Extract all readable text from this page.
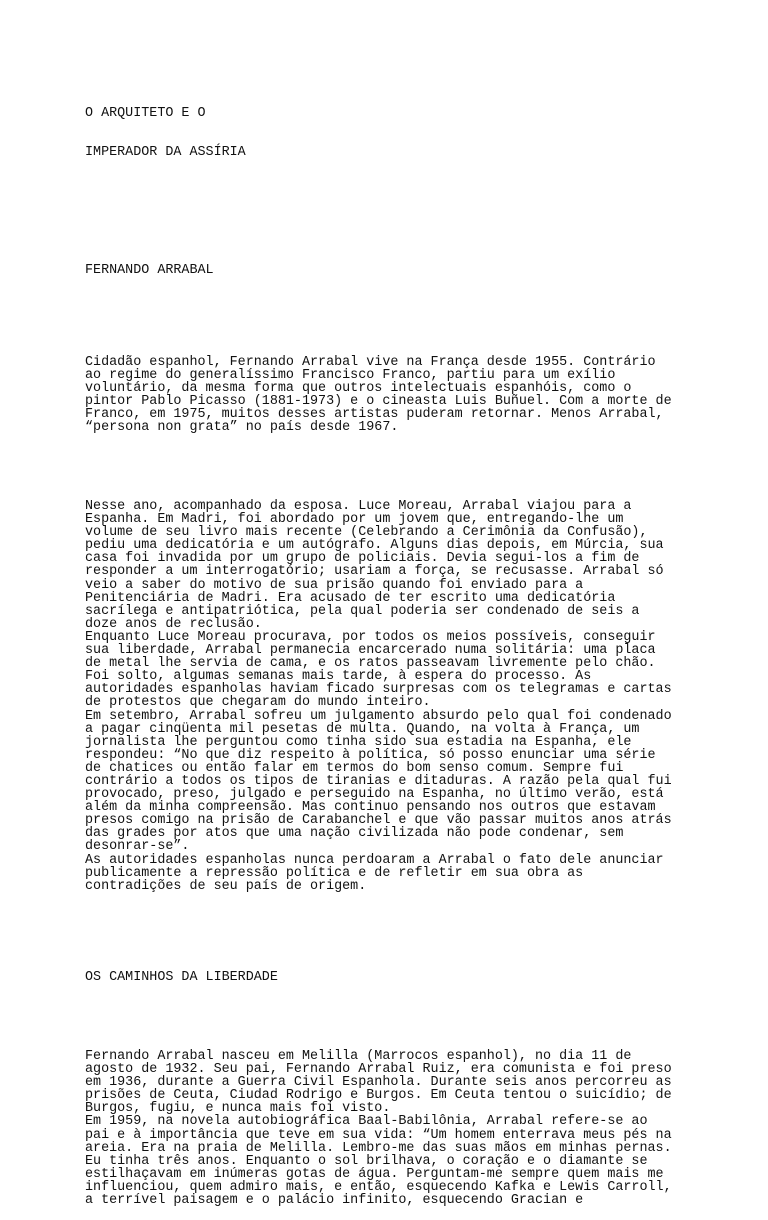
O ARQUITETO E O

IMPERADOR DA ASSÍRIA

FERNANDO ARRABAL

Cidadão espanhol, Fernando Arrabal vive na França desde 1955. Contrário
ao regime do generalíssimo Francisco Franco, partiu para um exílio
voluntário, da mesma forma que outros intelectuais espanhóis, como o
pintor Pablo Picasso (1881-1973) e o cineasta Luis Buñuel. Com a morte de
Franco, em 1975, muitos desses artistas puderam retornar. Menos Arrabal,
“persona non grata” no país desde 1967.

Nesse ano, acompanhado da esposa. Luce Moreau, Arrabal viajou para a
Espanha. Em Madri, foi abordado por um jovem que, entregando-lhe um
volume de seu livro mais recente (Celebrando a Cerimônia da Confusão),
pediu uma dedicatória e um autógrafo. Alguns dias depois, em Múrcia, sua
casa foi invadida por um grupo de policiais. Devia segui-los a fim de
responder a um interrogatório; usariam a força, se recusasse. Arrabal só
veio a saber do motivo de sua prisão quando foi enviado para a
Penitenciária de Madri. Era acusado de ter escrito uma dedicatória
sacrílega e antipatriótica, pela qual poderia ser condenado de seis a
doze anos de reclusão.
Enquanto Luce Moreau procurava, por todos os meios possíveis, conseguir
sua liberdade, Arrabal permanecia encarcerado numa solitária: uma placa
de metal lhe servia de cama, e os ratos passeavam livremente pelo chão.
Foi solto, algumas semanas mais tarde, à espera do processo. As
autoridades espanholas haviam ficado surpresas com os telegramas e cartas
de protestos que chegaram do mundo inteiro.
Em setembro, Arrabal sofreu um julgamento absurdo pelo qual foi condenado
a pagar cinqüenta mil pesetas de multa. Quando, na volta à França, um
jornalista lhe perguntou como tinha sido sua estadia na Espanha, ele
respondeu: “No que diz respeito à política, só posso enunciar uma série
de chatices ou então falar em termos do bom senso comum. Sempre fui
contrário a todos os tipos de tiranias e ditaduras. A razão pela qual fui
provocado, preso, julgado e perseguido na Espanha, no último verão, está
além da minha compreensão. Mas continuo pensando nos outros que estavam
presos comigo na prisão de Carabanchel e que vão passar muitos anos atrás
das grades por atos que uma nação civilizada não pode condenar, sem
desonrar-se”.
As autoridades espanholas nunca perdoaram a Arrabal o fato dele anunciar
publicamente a repressão política e de refletir em sua obra as
contradições de seu país de origem.

OS CAMINHOS DA LIBERDADE

Fernando Arrabal nasceu em Melilla (Marrocos espanhol), no dia 11 de
agosto de 1932. Seu pai, Fernando Arrabal Ruiz, era comunista e foi preso
em 1936, durante a Guerra Civil Espanhola. Durante seis anos percorreu as
prisões de Ceuta, Ciudad Rodrigo e Burgos. Em Ceuta tentou o suicídio; de
Burgos, fugiu, e nunca mais foi visto.
Em 1959, na novela autobiográfica Baal-Babilônia, Arrabal refere-se ao
pai e à importância que teve em sua vida: “Um homem enterrava meus pés na
areia. Era na praia de Melilla. Lembro-me das suas mãos em minhas pernas.
Eu tinha três anos. Enquanto o sol brilhava, o coração e o diamante se
estilhaçavam em inúmeras gotas de água. Perguntam-me sempre quem mais me
influenciou, quem admiro mais, e então, esquecendo Kafka e Lewis Carroll,
a terrível paisagem e o palácio infinito, esquecendo Gracian e
